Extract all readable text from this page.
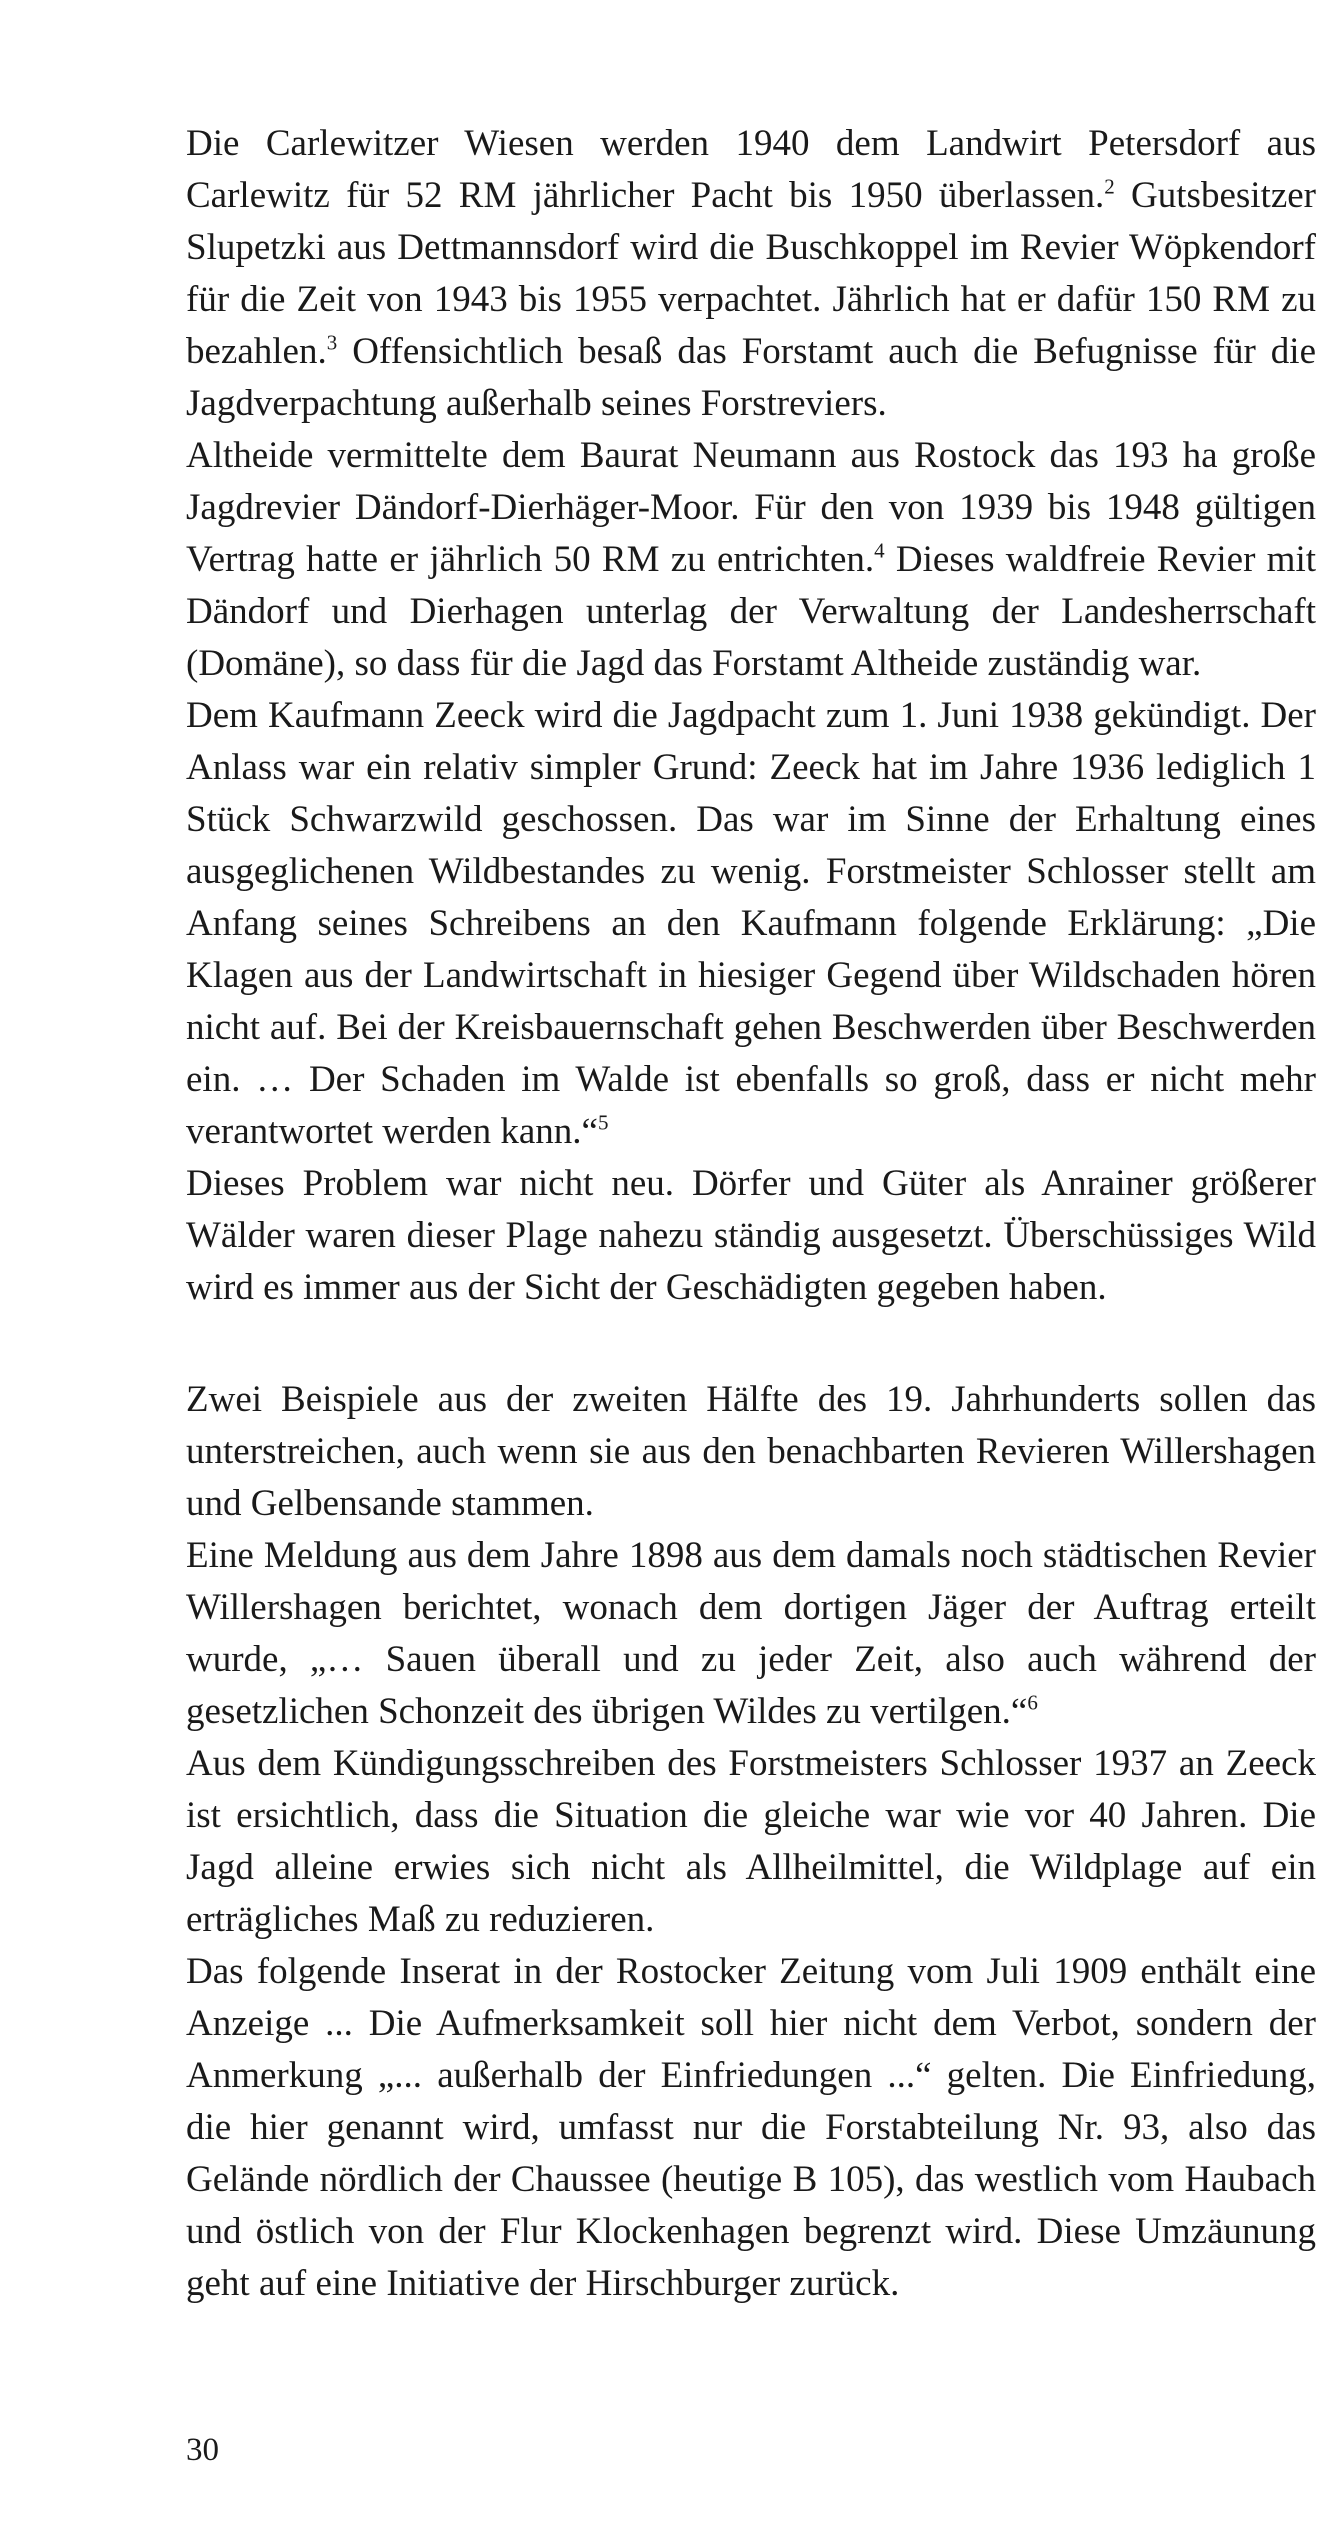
Die Carlewitzer Wiesen werden 1940 dem Landwirt Petersdorf aus Carlewitz für 52 RM jährlicher Pacht bis 1950 überlassen.$^2$ Gutsbesitzer Slupetzki aus Dettmannsdorf wird die Buschkoppel im Revier Wöpkendorf für die Zeit von 1943 bis 1955 verpachtet. Jährlich hat er dafür 150 RM zu bezahlen.$^3$ Offensichtlich besaß das Forstamt auch die Befugnisse für die Jagdverpachtung außerhalb seines Forstreviers.

Altheide vermittelte dem Baurat Neumann aus Rostock das 193 ha große Jagdrevier Dändorf-Dierhäger-Moor. Für den von 1939 bis 1948 gültigen Vertrag hatte er jährlich 50 RM zu entrichten.$^4$ Dieses waldfreie Revier mit Dändorf und Dierhagen unterlag der Verwaltung der Landesherrschaft (Domäne), so dass für die Jagd das Forstamt Altheide zuständig war.

Dem Kaufmann Zeeck wird die Jagdpacht zum 1. Juni 1938 gekündigt. Der Anlass war ein relativ simpler Grund: Zeeck hat im Jahre 1936 lediglich 1 Stück Schwarzwild geschossen. Das war im Sinne der Erhaltung eines ausgeglichenen Wildbestandes zu wenig. Forstmeister Schlosser stellt am Anfang seines Schreibens an den Kaufmann folgende Erklärung: „Die Klagen aus der Landwirtschaft in hiesiger Gegend über Wildschaden hören nicht auf. Bei der Kreisbauernschaft gehen Beschwerden über Beschwerden ein. … Der Schaden im Walde ist ebenfalls so groß, dass er nicht mehr verantwortet werden kann.“$^5$

Dieses Problem war nicht neu. Dörfer und Güter als Anrainer größerer Wälder waren dieser Plage nahezu ständig ausgesetzt. Überschüssiges Wild wird es immer aus der Sicht der Geschädigten gegeben haben.

Zwei Beispiele aus der zweiten Hälfte des 19. Jahrhunderts sollen das unterstreichen, auch wenn sie aus den benachbarten Revieren Willershagen und Gelbensande stammen.

Eine Meldung aus dem Jahre 1898 aus dem damals noch städtischen Revier Willershagen berichtet, wonach dem dortigen Jäger der Auftrag erteilt wurde, „… Sauen überall und zu jeder Zeit, also auch während der gesetzlichen Schonzeit des übrigen Wildes zu vertilgen.“$^6$

Aus dem Kündigungsschreiben des Forstmeisters Schlosser 1937 an Zeeck ist ersichtlich, dass die Situation die gleiche war wie vor 40 Jahren. Die Jagd alleine erwies sich nicht als Allheilmittel, die Wildplage auf ein erträgliches Maß zu reduzieren.

Das folgende Inserat in der Rostocker Zeitung vom Juli 1909 enthält eine Anzeige ... Die Aufmerksamkeit soll hier nicht dem Verbot, sondern der Anmerkung „... außerhalb der Einfriedungen ...“ gelten. Die Einfriedung, die hier genannt wird, umfasst nur die Forstabteilung Nr. 93, also das Gelände nördlich der Chaussee (heutige B 105), das westlich vom Haubach und östlich von der Flur Klockenhagen begrenzt wird. Diese Umzäunung geht auf eine Initiative der Hirschburger zurück.

30
